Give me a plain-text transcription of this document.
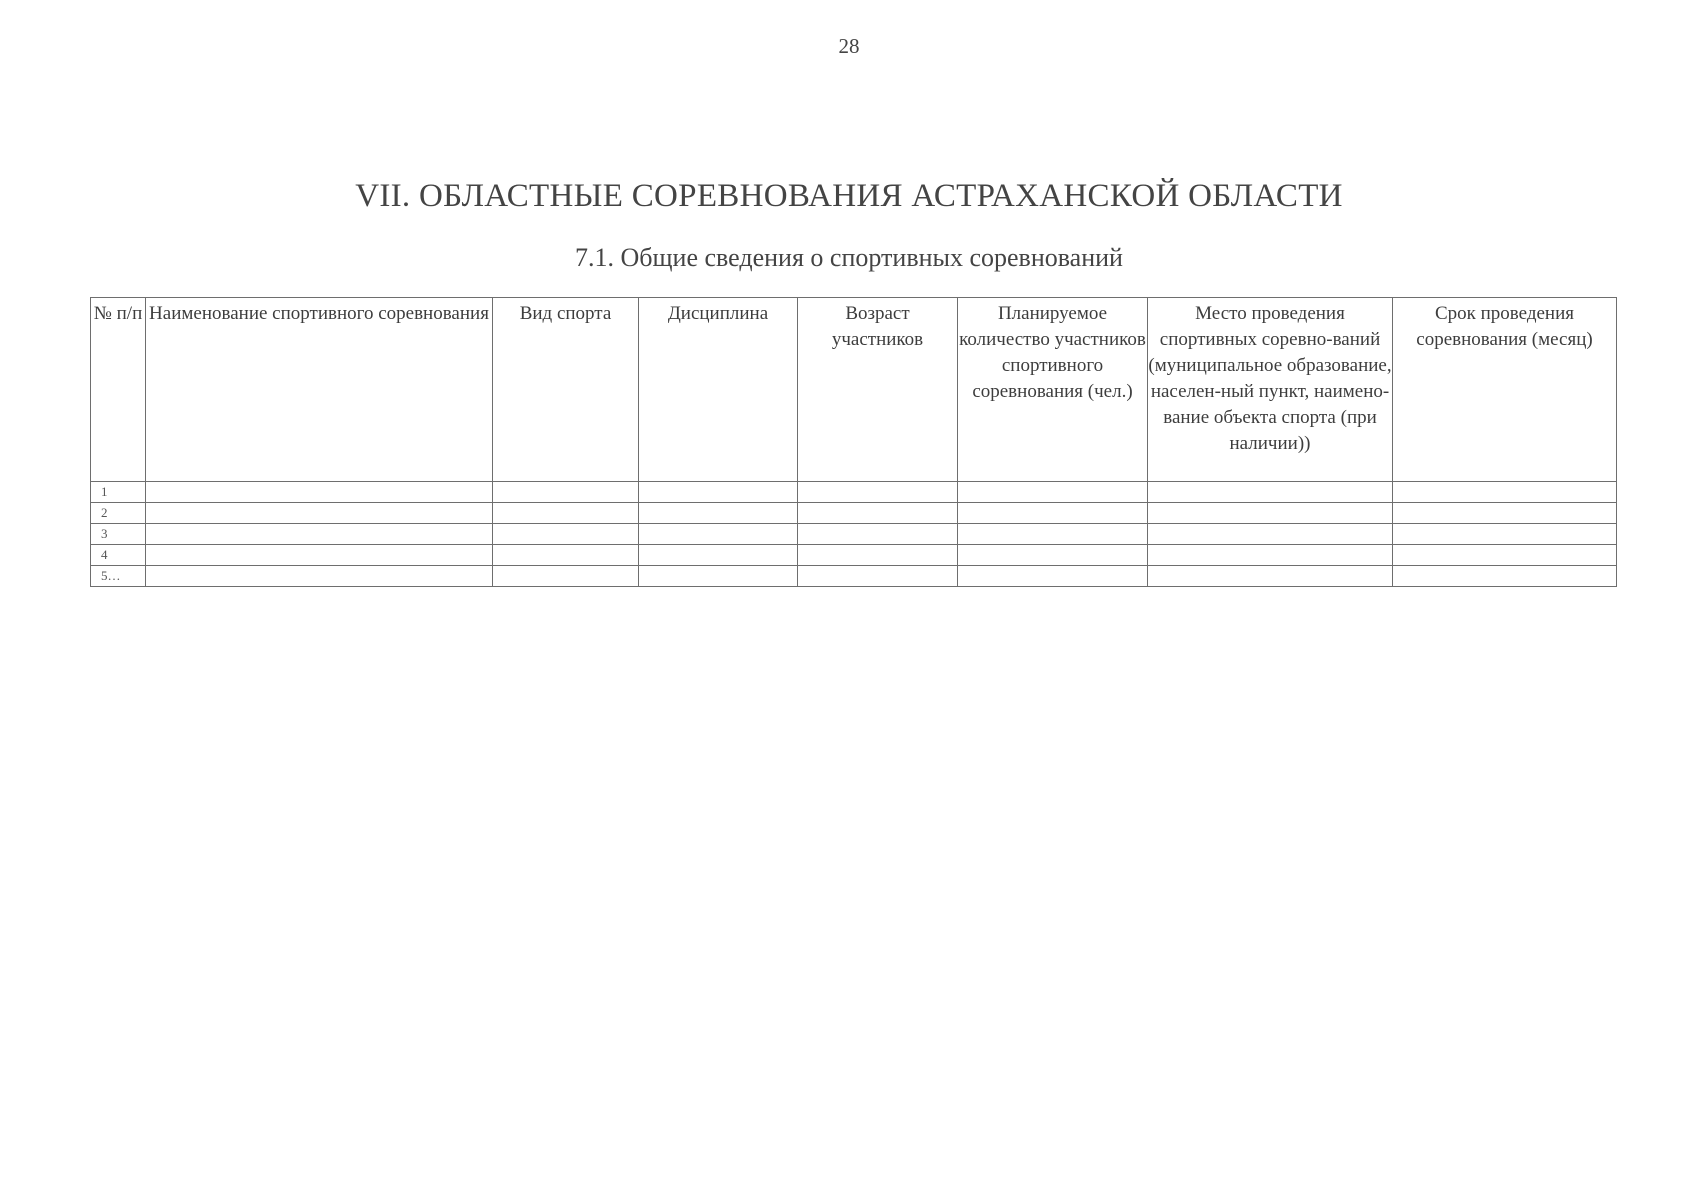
28
VII. ОБЛАСТНЫЕ СОРЕВНОВАНИЯ АСТРАХАНСКОЙ ОБЛАСТИ
7.1. Общие сведения о спортивных соревнований
№ п/п	Наименование спортивного соревнования	Вид спорта	Дисциплина	Возраст участников	Планируемое количество участников спортивного соревнования (чел.)	Место проведения спортивных соревно-ваний (муниципальное образование, населен-ный пункт, наимено-вание объекта спорта (при наличии))	Срок проведения соревнования (месяц)
1							
2							
3							
4							
5…							
